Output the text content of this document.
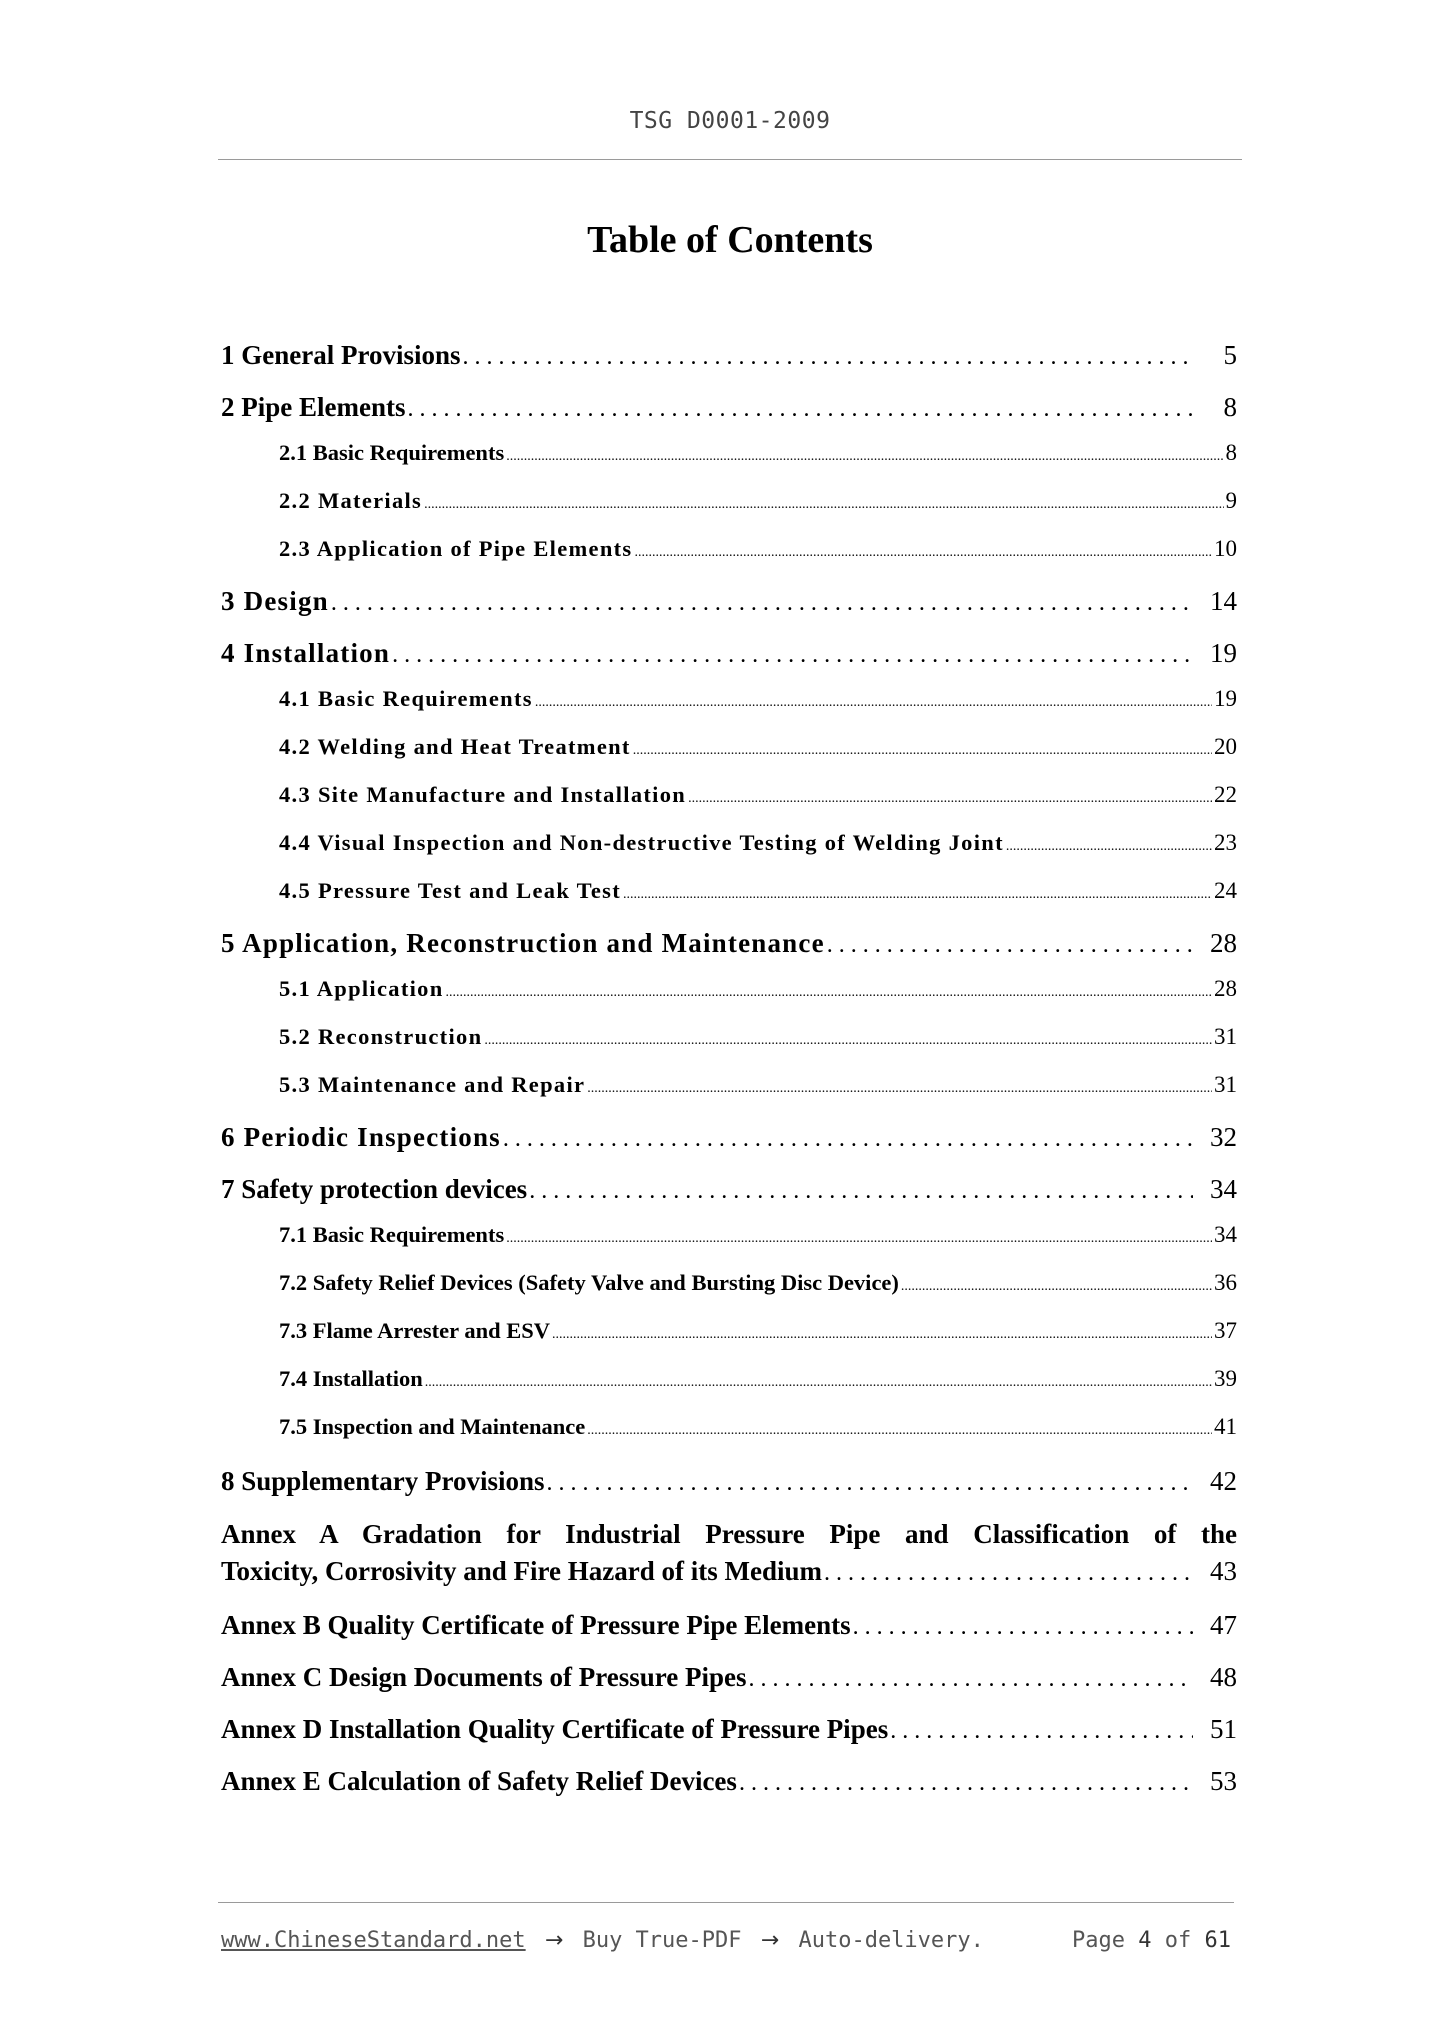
TSG D0001-2009
Table of Contents
1 General Provisions .....	5
2 Pipe Elements .....	8
2.1 Basic Requirements .....	8
2.2 Materials .....	9
2.3 Application of Pipe Elements .....	10
3 Design .....	14
4 Installation .....	19
4.1 Basic Requirements .....	19
4.2 Welding and Heat Treatment .....	20
4.3 Site Manufacture and Installation .....	22
4.4 Visual Inspection and Non-destructive Testing of Welding Joint .....	23
4.5 Pressure Test and Leak Test .....	24
5 Application, Reconstruction and Maintenance .....	28
5.1 Application .....	28
5.2 Reconstruction .....	31
5.3 Maintenance and Repair .....	31
6 Periodic Inspections .....	32
7 Safety protection devices .....	34
7.1 Basic Requirements .....	34
7.2 Safety Relief Devices (Safety Valve and Bursting Disc Device) .....	36
7.3 Flame Arrester and ESV .....	37
7.4 Installation .....	39
7.5 Inspection and Maintenance .....	41
8 Supplementary Provisions .....	42
Annex A Gradation for Industrial Pressure Pipe and Classification of the
Toxicity, Corrosivity and Fire Hazard of its Medium .....	43
Annex B Quality Certificate of Pressure Pipe Elements .....	47
Annex C Design Documents of Pressure Pipes .....	48
Annex D Installation Quality Certificate of Pressure Pipes .....	51
Annex E Calculation of Safety Relief Devices .....	53
www.ChineseStandard.net → Buy True-PDF → Auto-delivery.	Page 4 of 61
